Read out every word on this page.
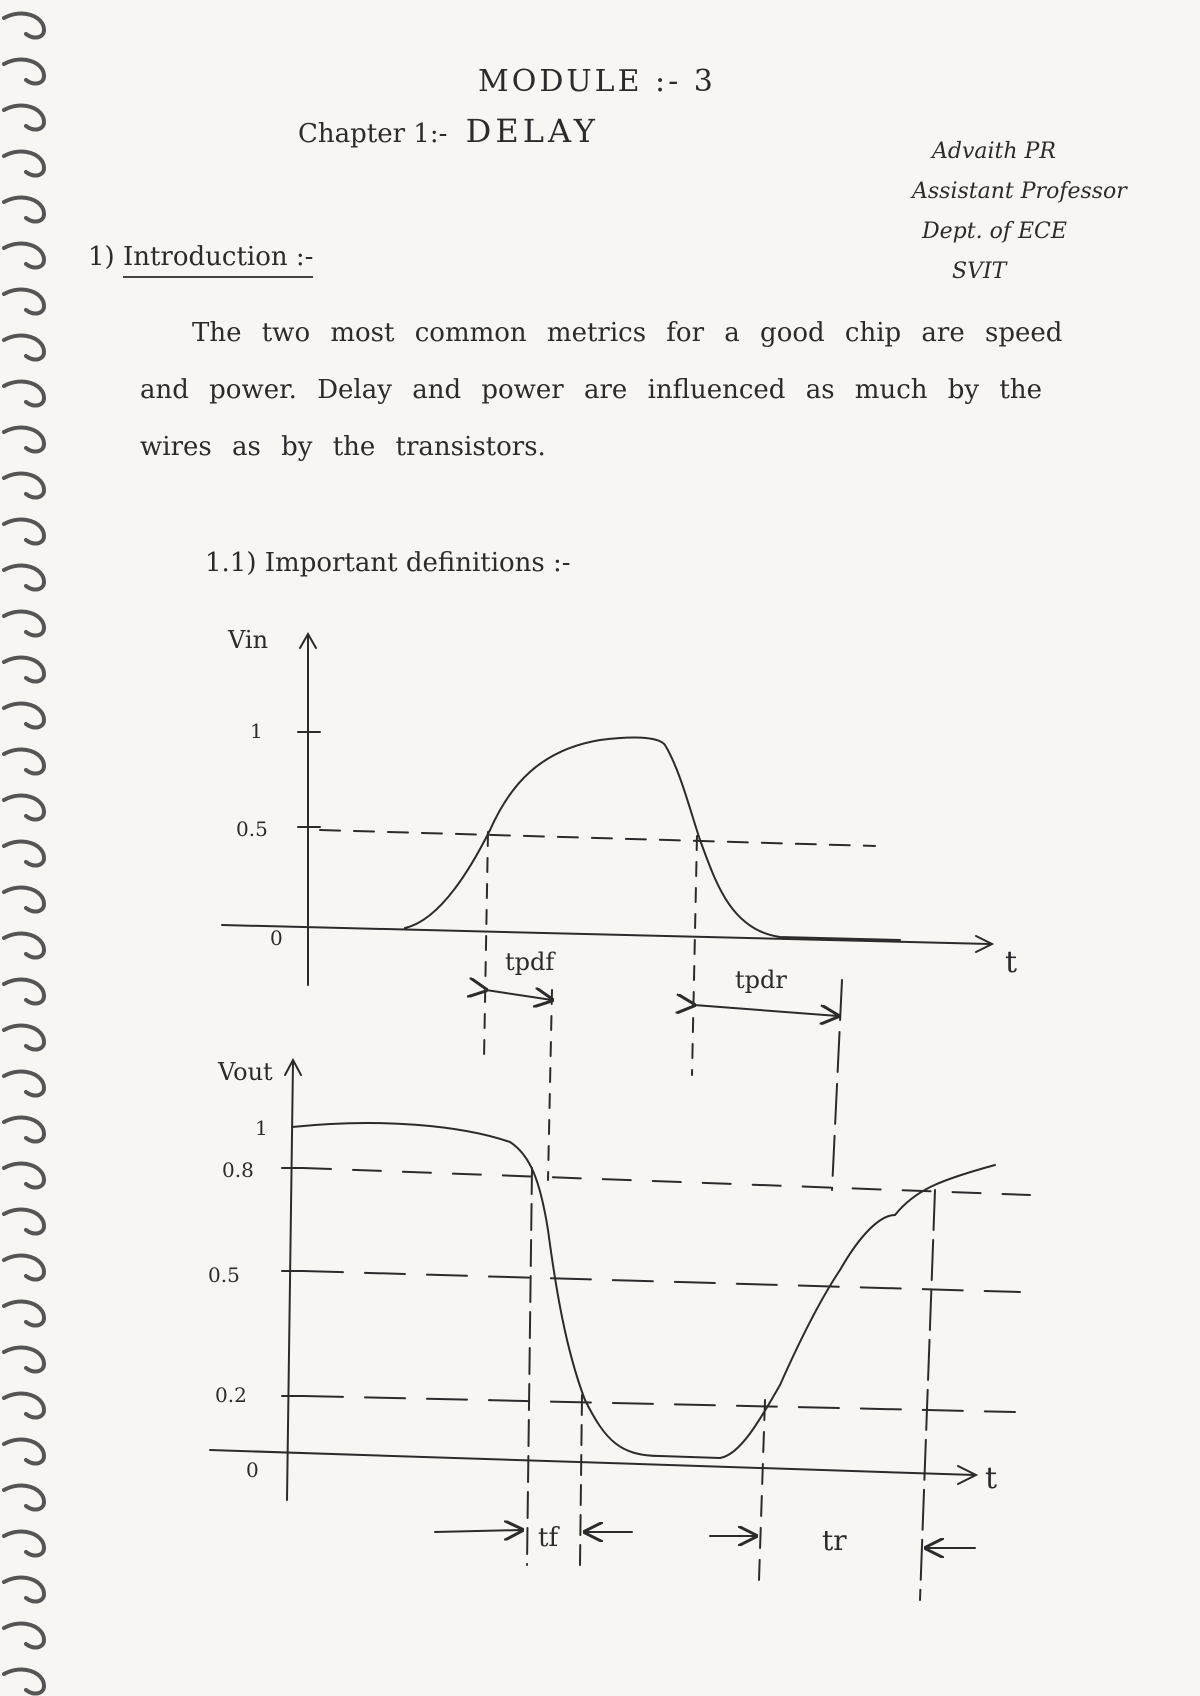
MODULE :- 3
Chapter 1:- DELAY
Advaith PR
Assistant Professor
Dept. of ECE
SVIT
1) Introduction :-
The two most common metrics for a good chip are speed and power. Delay and power are influenced as much by the wires as by the transistors.
1.1) Important definitions :-
Vin
1
0.5
0
t
tpdf
tpdr
Vout
1
0.8
0.5
0.2
0	t
tf	tr
